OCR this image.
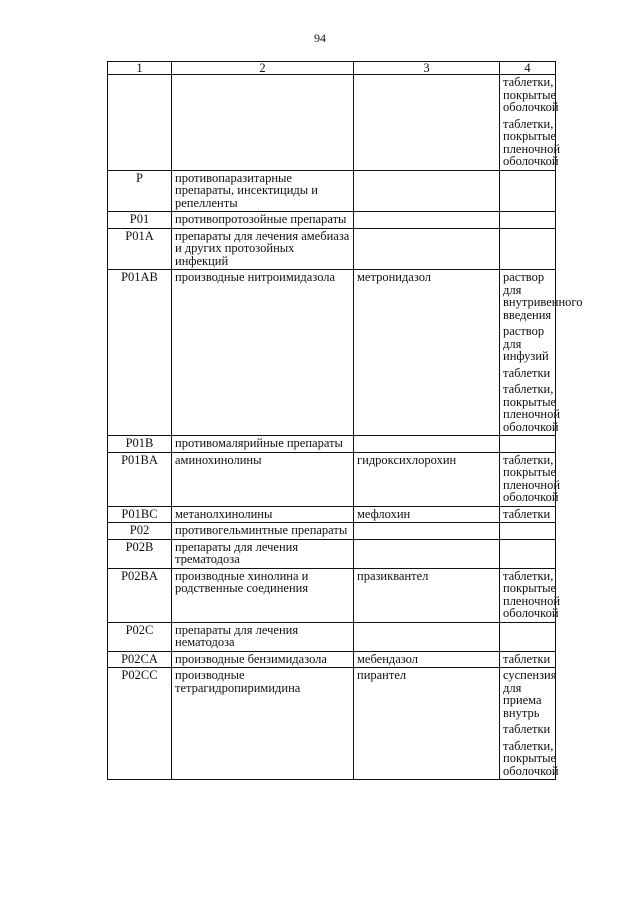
94
1	2	3	4

			таблетки, покрытые оболочкой
таблетки, покрытые пленочной оболочкой

P	противопаразитарные препараты, инсектициды и репелленты		
P01	противопротозойные препараты		
P01A	препараты для лечения амебиаза и других протозойных инфекций		
P01AB	производные нитроимидазола	метронидазол	раствор для внутривенного введения
раствор для инфузий
таблетки
таблетки, покрытые пленочной оболочкой

P01B	противомалярийные препараты		
P01BA	аминохинолины	гидроксихлорохин	таблетки, покрытые пленочной оболочкой

P01BC	метанолхинолины	мефлохин	таблетки

P02	противогельминтные препараты		
P02B	препараты для лечения трематодоза		
P02BA	производные хинолина и родственные соединения	празиквантел	таблетки, покрытые пленочной оболочкой

P02C	препараты для лечения нематодоза		
P02CA	производные бензимидазола	мебендазол	таблетки

P02CC	производные тетрагидропиримидина	пирантел	суспензия для приема внутрь
таблетки
таблетки, покрытые оболочкой
